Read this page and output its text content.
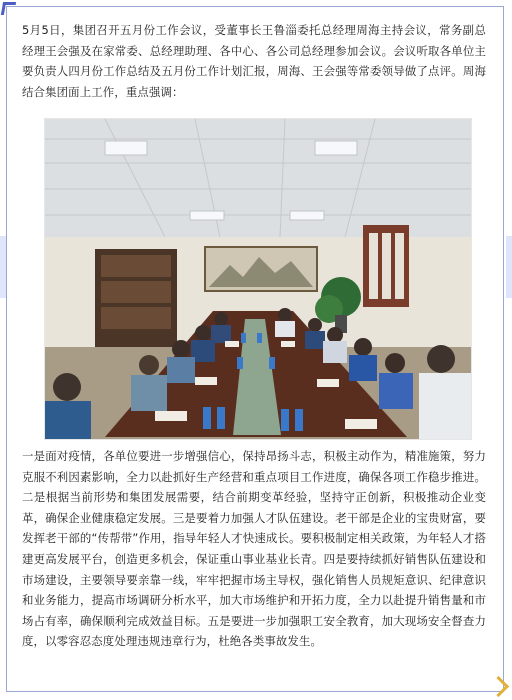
5月5日，集团召开五月份工作会议，受董事长王鲁淄委托总经理周海主持会议，常务副总经理王会强及在家常委、总经理助理、各中心、各公司总经理参加会议。会议听取各单位主要负责人四月份工作总结及五月份工作计划汇报，周海、王会强等常委领导做了点评。周海结合集团面上工作，重点强调：

一是面对疫情，各单位要进一步增强信心，保持昂扬斗志，积极主动作为，精准施策，努力克服不利因素影响，全力以赴抓好生产经营和重点项目工作进度，确保各项工作稳步推进。二是根据当前形势和集团发展需要，结合前期变革经验，坚持守正创新，积极推动企业变革，确保企业健康稳定发展。三是要着力加强人才队伍建设。老干部是企业的宝贵财富，要发挥老干部的“传帮带”作用，指导年轻人才快速成长。要积极制定相关政策，为年轻人才搭建更高发展平台，创造更多机会，保证重山事业基业长青。四是要持续抓好销售队伍建设和市场建设，主要领导要亲靠一线，牢牢把握市场主导权，强化销售人员规矩意识、纪律意识和业务能力，提高市场调研分析水平，加大市场维护和开拓力度，全力以赴提升销售量和市场占有率，确保顺利完成效益目标。五是要进一步加强职工安全教育，加大现场安全督查力度，以零容忍态度处理违规违章行为，杜绝各类事故发生。
